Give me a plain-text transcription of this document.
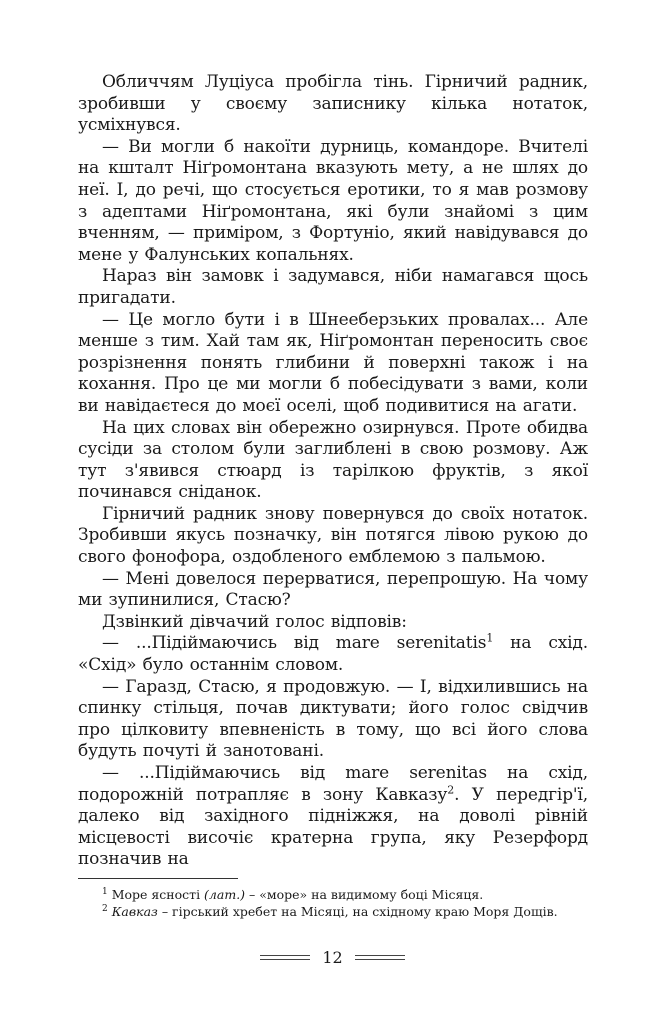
Обличчям Луціуса пробігла тінь. Гірничий радник, зробивши у своєму записнику кілька нотаток, усміхнувся.

— Ви могли б накоїти дурниць, командоре. Вчителі на кшталт Ніґромонтана вказують мету, а не шлях до неї. І, до речі, що стосується еротики, то я мав розмову з адептами Ніґромонтана, які були знайомі з цим вченням, — приміром, з Фортуніо, який навідувався до мене у Фалунських копальнях.

Нараз він замовк і задумався, ніби намагався щось пригадати.

— Це могло бути і в Шнеебeрзьких провалах... Але менше з тим. Хай там як, Ніґромонтан переносить своє розрізнення понять глибини й поверхні також і на кохання. Про це ми могли б побесідувати з вами, коли ви навідаєтеся до моєї оселі, щоб подивитися на агати.

На цих словах він обережно озирнувся. Проте обидва сусіди за столом були заглиблені в свою розмову. Аж тут з'явився стюард із тарілкою фруктів, з якої починався сніданок.

Гірничий радник знову повернувся до своїх нотаток. Зробивши якусь позначку, він потягся лівою рукою до свого фонофора, оздобленого емблемою з пальмою.

— Мені довелося перерватися, перепрошую. На чому ми зупинилися, Стасю?

Дзвінкий дівчачий голос відповів:

— ...Підіймаючись від mare serenitatis$^1$ на схід. «Схід» було останнім словом.

— Гаразд, Стасю, я продовжую. — І, відхилившись на спинку стільця, почав диктувати; його голос свідчив про цілковиту впевненість в тому, що всі його слова будуть почуті й занотовані.

— ...Підіймаючись від mare serenitas на схід, подорожній потрапляє в зону Кавказу$^2$. У передгір'ї, далеко від західного підніжжя, на доволі рівній місцевості височіє кратерна група, яку Резерфорд позначив на

$^1$ Море ясності (лат.) – «море» на видимому боці Місяця.

$^2$ Кавказ – гірський хребет на Місяці, на східному краю Моря Дощів.

12
